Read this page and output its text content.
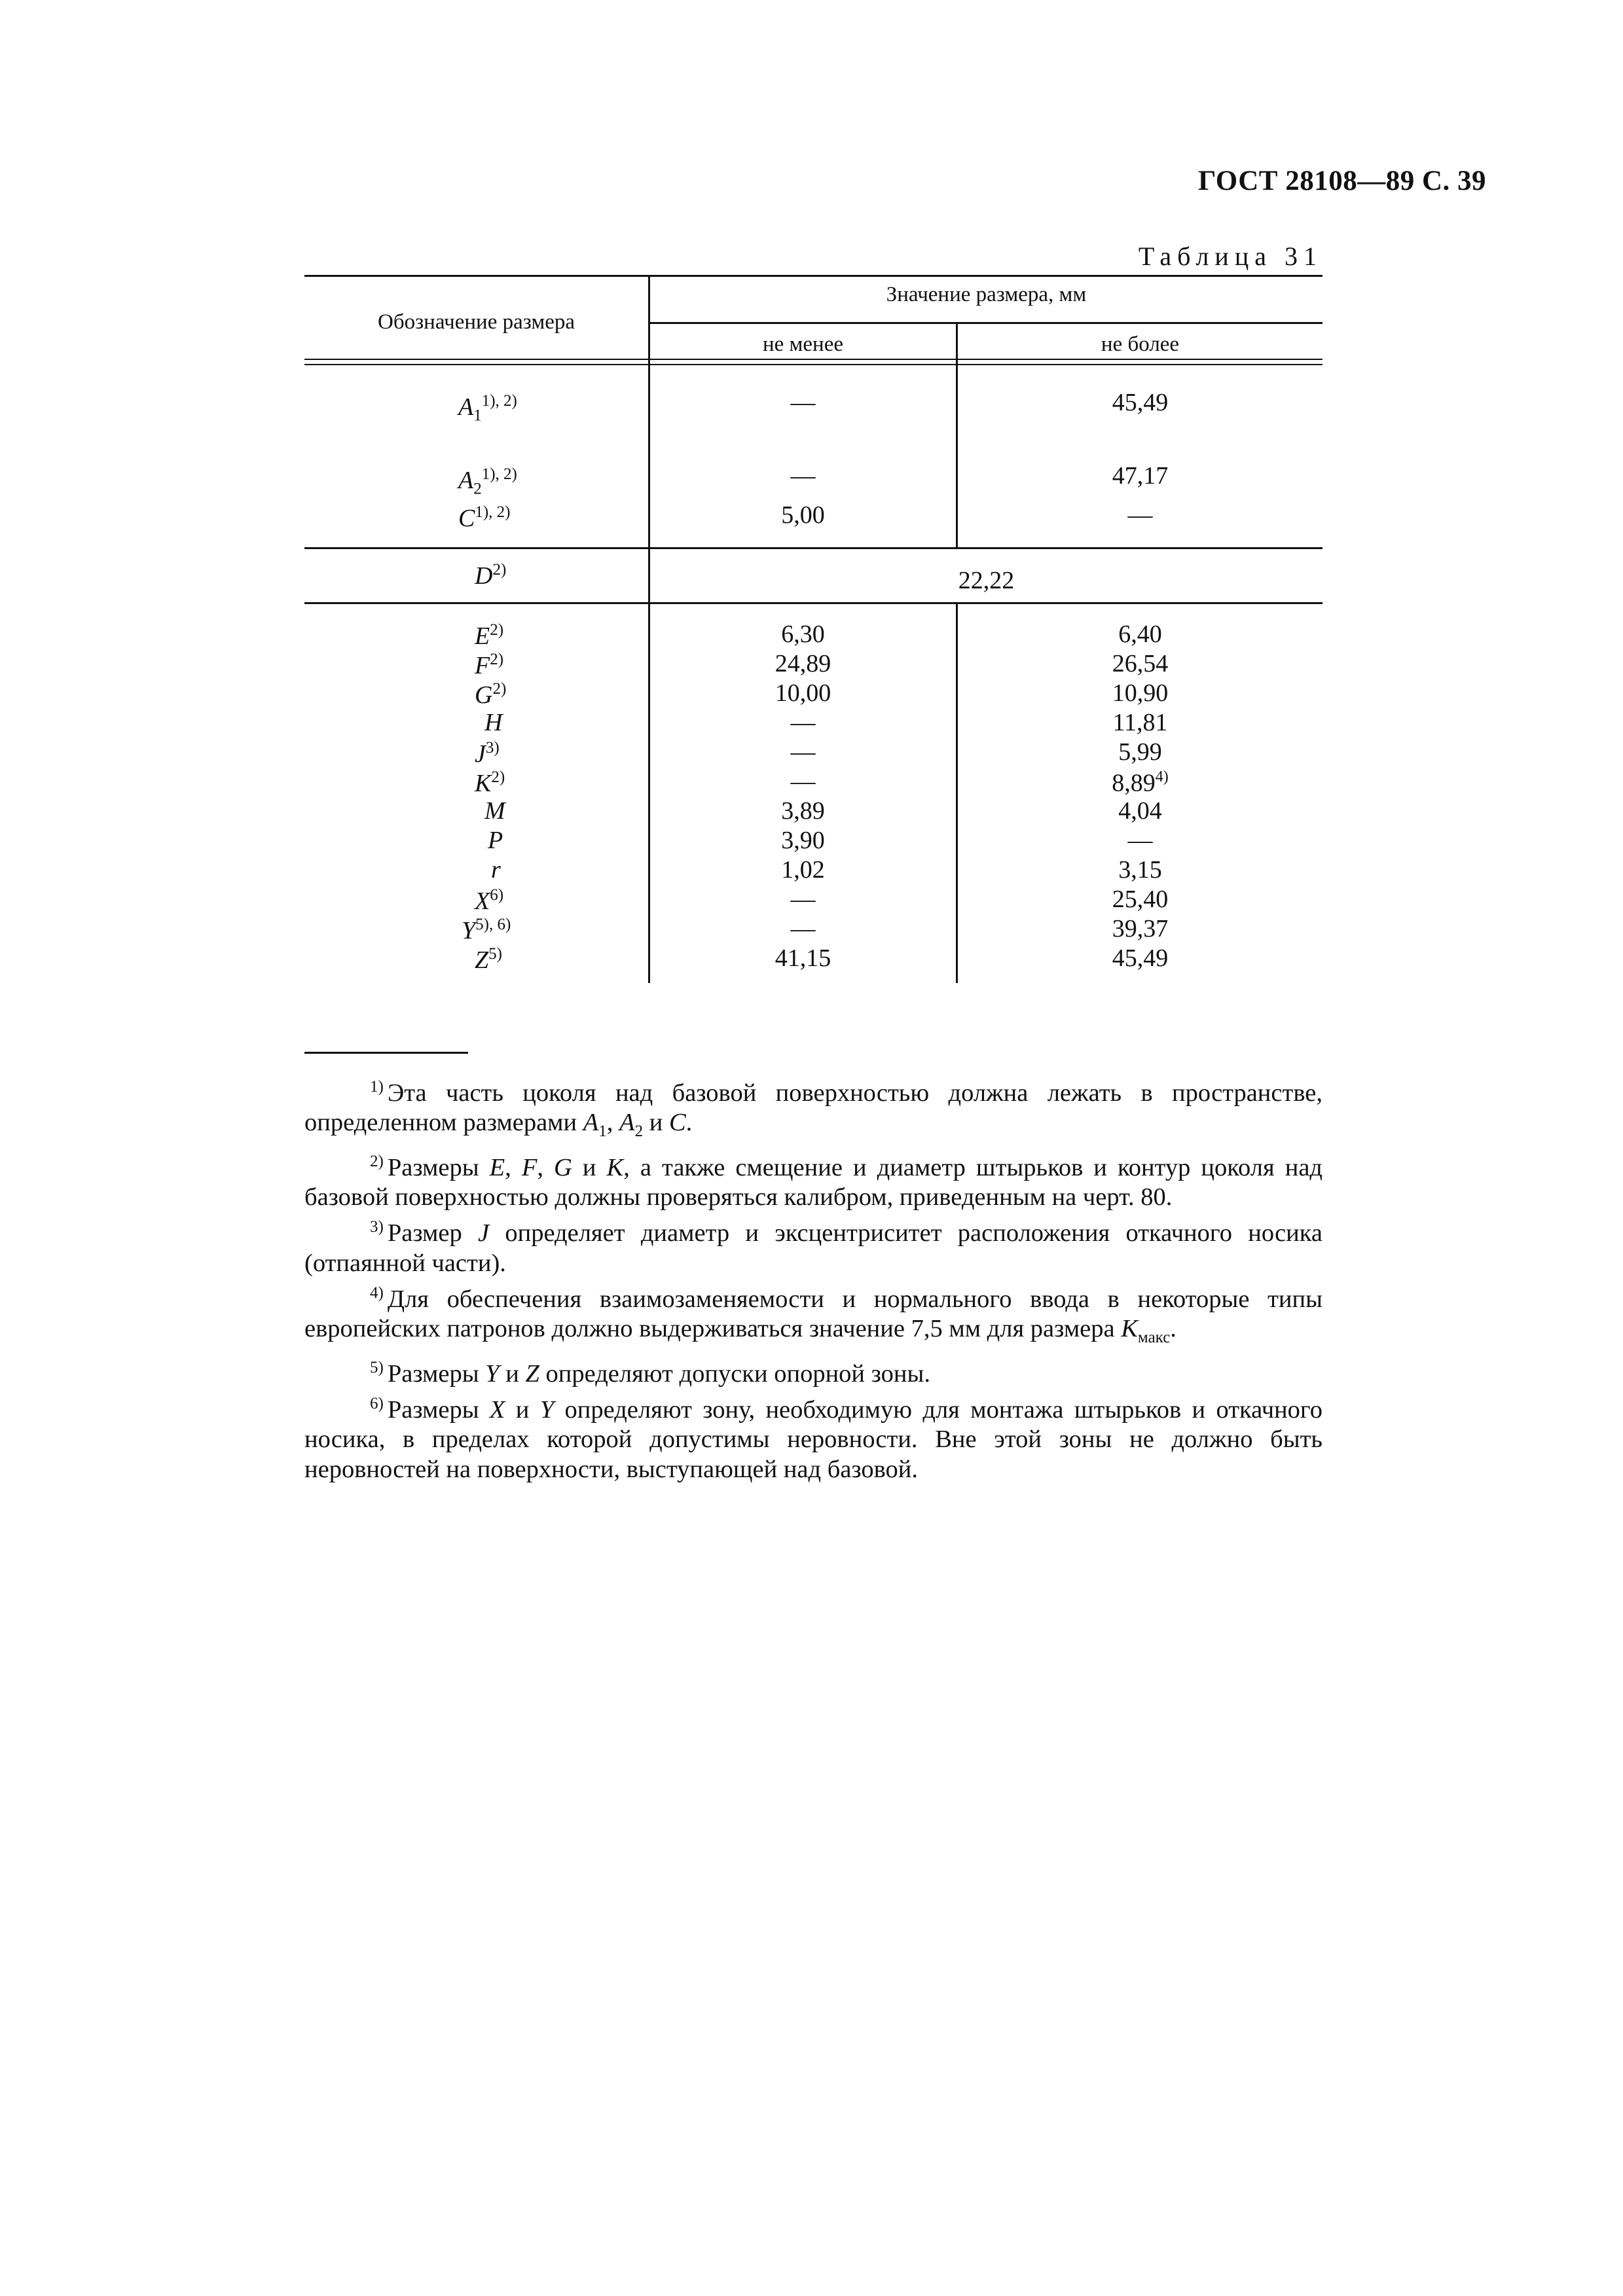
ГОСТ 28108—89 С. 39
Таблица 31
Обозначение размера
Значение размера, мм
не менее	не более
$A_1^{1), 2)}$
$A_2^{1), 2)}$
$C^{1), 2)}$
$D^{2)}$
$E^{2)}$
$F^{2)}$
$G^{2)}$
H
$J^{3)}$
$K^{2)}$
M
P
r
$X^{6)}$
$Y^{5), 6)}$
$Z^{5)}$
—
—
5,00
6,30
24,89
10,00
—
—
—
3,89
3,90
1,02
—
—
41,15
45,49
47,17
—
6,40
26,54
10,90
11,81
5,99
8,89$^{4)}$
4,04
—
3,15
25,40
39,37
45,49
22,22

$^{1)}$ Эта часть цоколя над базовой поверхностью должна лежать в пространстве, определенном размерами $A_1$, $A_2$ и C.

$^{2)}$ Размеры E, F, G и K, а также смещение и диаметр штырьков и контур цоколя над базовой поверхностью должны проверяться калибром, приведенным на черт. 80.

$^{3)}$ Размер J определяет диаметр и эксцентриситет расположения откачного носика (отпаянной части).

$^{4)}$ Для обеспечения взаимозаменяемости и нормального ввода в некоторые типы европейских патронов должно выдерживаться значение 7,5 мм для размера $K_{макс}$.

$^{5)}$ Размеры Y и Z определяют допуски опорной зоны.

$^{6)}$ Размеры X и Y определяют зону, необходимую для монтажа штырьков и откачного носика, в пределах которой допустимы неровности. Вне этой зоны не должно быть неровностей на поверхности, выступающей над базовой.
